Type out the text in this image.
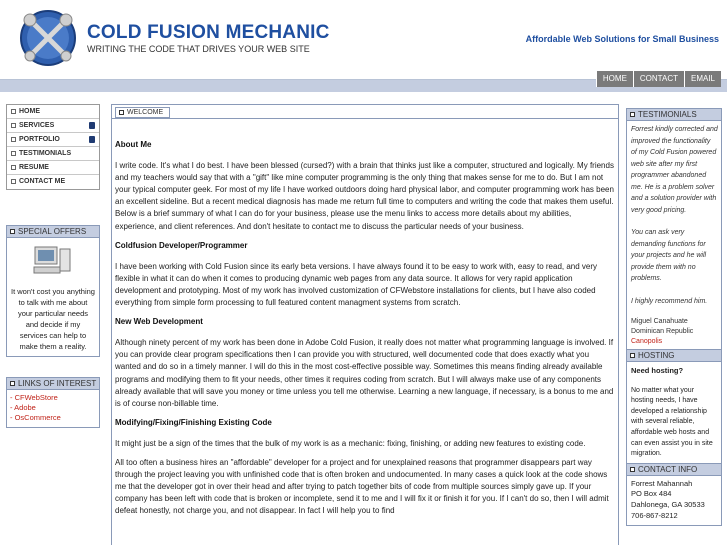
COLD FUSION MECHANIC
WRITING THE CODE THAT DRIVES YOUR WEB SITE
Affordable Web Solutions for Small Business
HOME	CONTACT	EMAIL
HOME
SERVICES
PORTFOLIO
TESTIMONIALS
RESUME
CONTACT ME
SPECIAL OFFERS
It won't cost you anything to talk with me about your particular needs and decide if my services can help to make them a reality.
LINKS OF INTEREST
- CFWebStore
- Adobe
- OsCommerce
WELCOME
About Me

I write code. It's what I do best. I have been blessed (cursed?) with a brain that thinks just like a computer, structured and logically. My friends and my teachers would say that with a "gift" like mine computer programming is the only thing that makes sense for me to do. But I am not your typical computer geek. For most of my life I have worked outdoors doing hard physical labor, and computer programming work has been an excellent sideline. But a recent medical diagnosis has made me return full time to computers and writing the code that makes them useful. Below is a brief summary of what I can do for your business, please use the menu links to access more details about my abilities, experience, and client references. And don't hesitate to contact me to discuss the particular needs of your business.

Coldfusion Developer/Programmer

I have been working with Cold Fusion since its early beta versions. I have always found it to be easy to work with, easy to read, and very flexible in what it can do when it comes to producing dynamic web pages from any data source. It allows for very rapid application development and prototyping. Most of my work has involved customization of CFWebstore installations for clients, but I have also coded everything from simple form processing to full featured content managment systems from scratch.

New Web Development

Although ninety percent of my work has been done in Adobe Cold Fusion, it really does not matter what programming language is involved. If you can provide clear program specifications then I can provide you with structured, well documented code that does exactly what you wanted and do so in a timely manner. I will do this in the most cost-effective possible way. Sometimes this means finding already available programs and modifying them to fit your needs, other times it requires coding from scratch. But I will always make use of any components already available that will save you money or time unless you tell me otherwise. Learning a new language, if necessary, is a bonus to me and is of course non-billable time.

Modifying/Fixing/Finishing Existing Code

It might just be a sign of the times that the bulk of my work is as a mechanic: fixing, finishing, or adding new features to existing code.

All too often a business hires an "affordable" developer for a project and for unexplained reasons that programmer disappears part way through the project leaving you with unfinished code that is often broken and undocumented. In many cases a quick look at the code shows me that the developer got in over their head and after trying to patch together bits of code from multiple sources simply gave up. If your company has been left with code that is broken or incomplete, send it to me and I will fix it or finish it for you. If I can't do so, then I will admit defeat honestly, not charge you, and not disappear. In fact I will help you to find

TESTIMONIALS
Forrest kindly corrected and improved the functionality of my Cold Fusion powered web site after my first programmer abandoned me. He is a problem solver and a solution provider with very good pricing.
You can ask very demanding functions for your projects and he will provide them with no problems.
I highly recommend him.
Miguel Canahuate
Dominican Republic
Canopolis
HOSTING
Need hosting?
No matter what your hosting needs, I have developed a relationship with several reliable, affordable web hosts and can even assist you in site migration.
CONTACT INFO
Forrest Mahannah
PO Box 484
Dahlonega, GA 30533
706-867-8212
